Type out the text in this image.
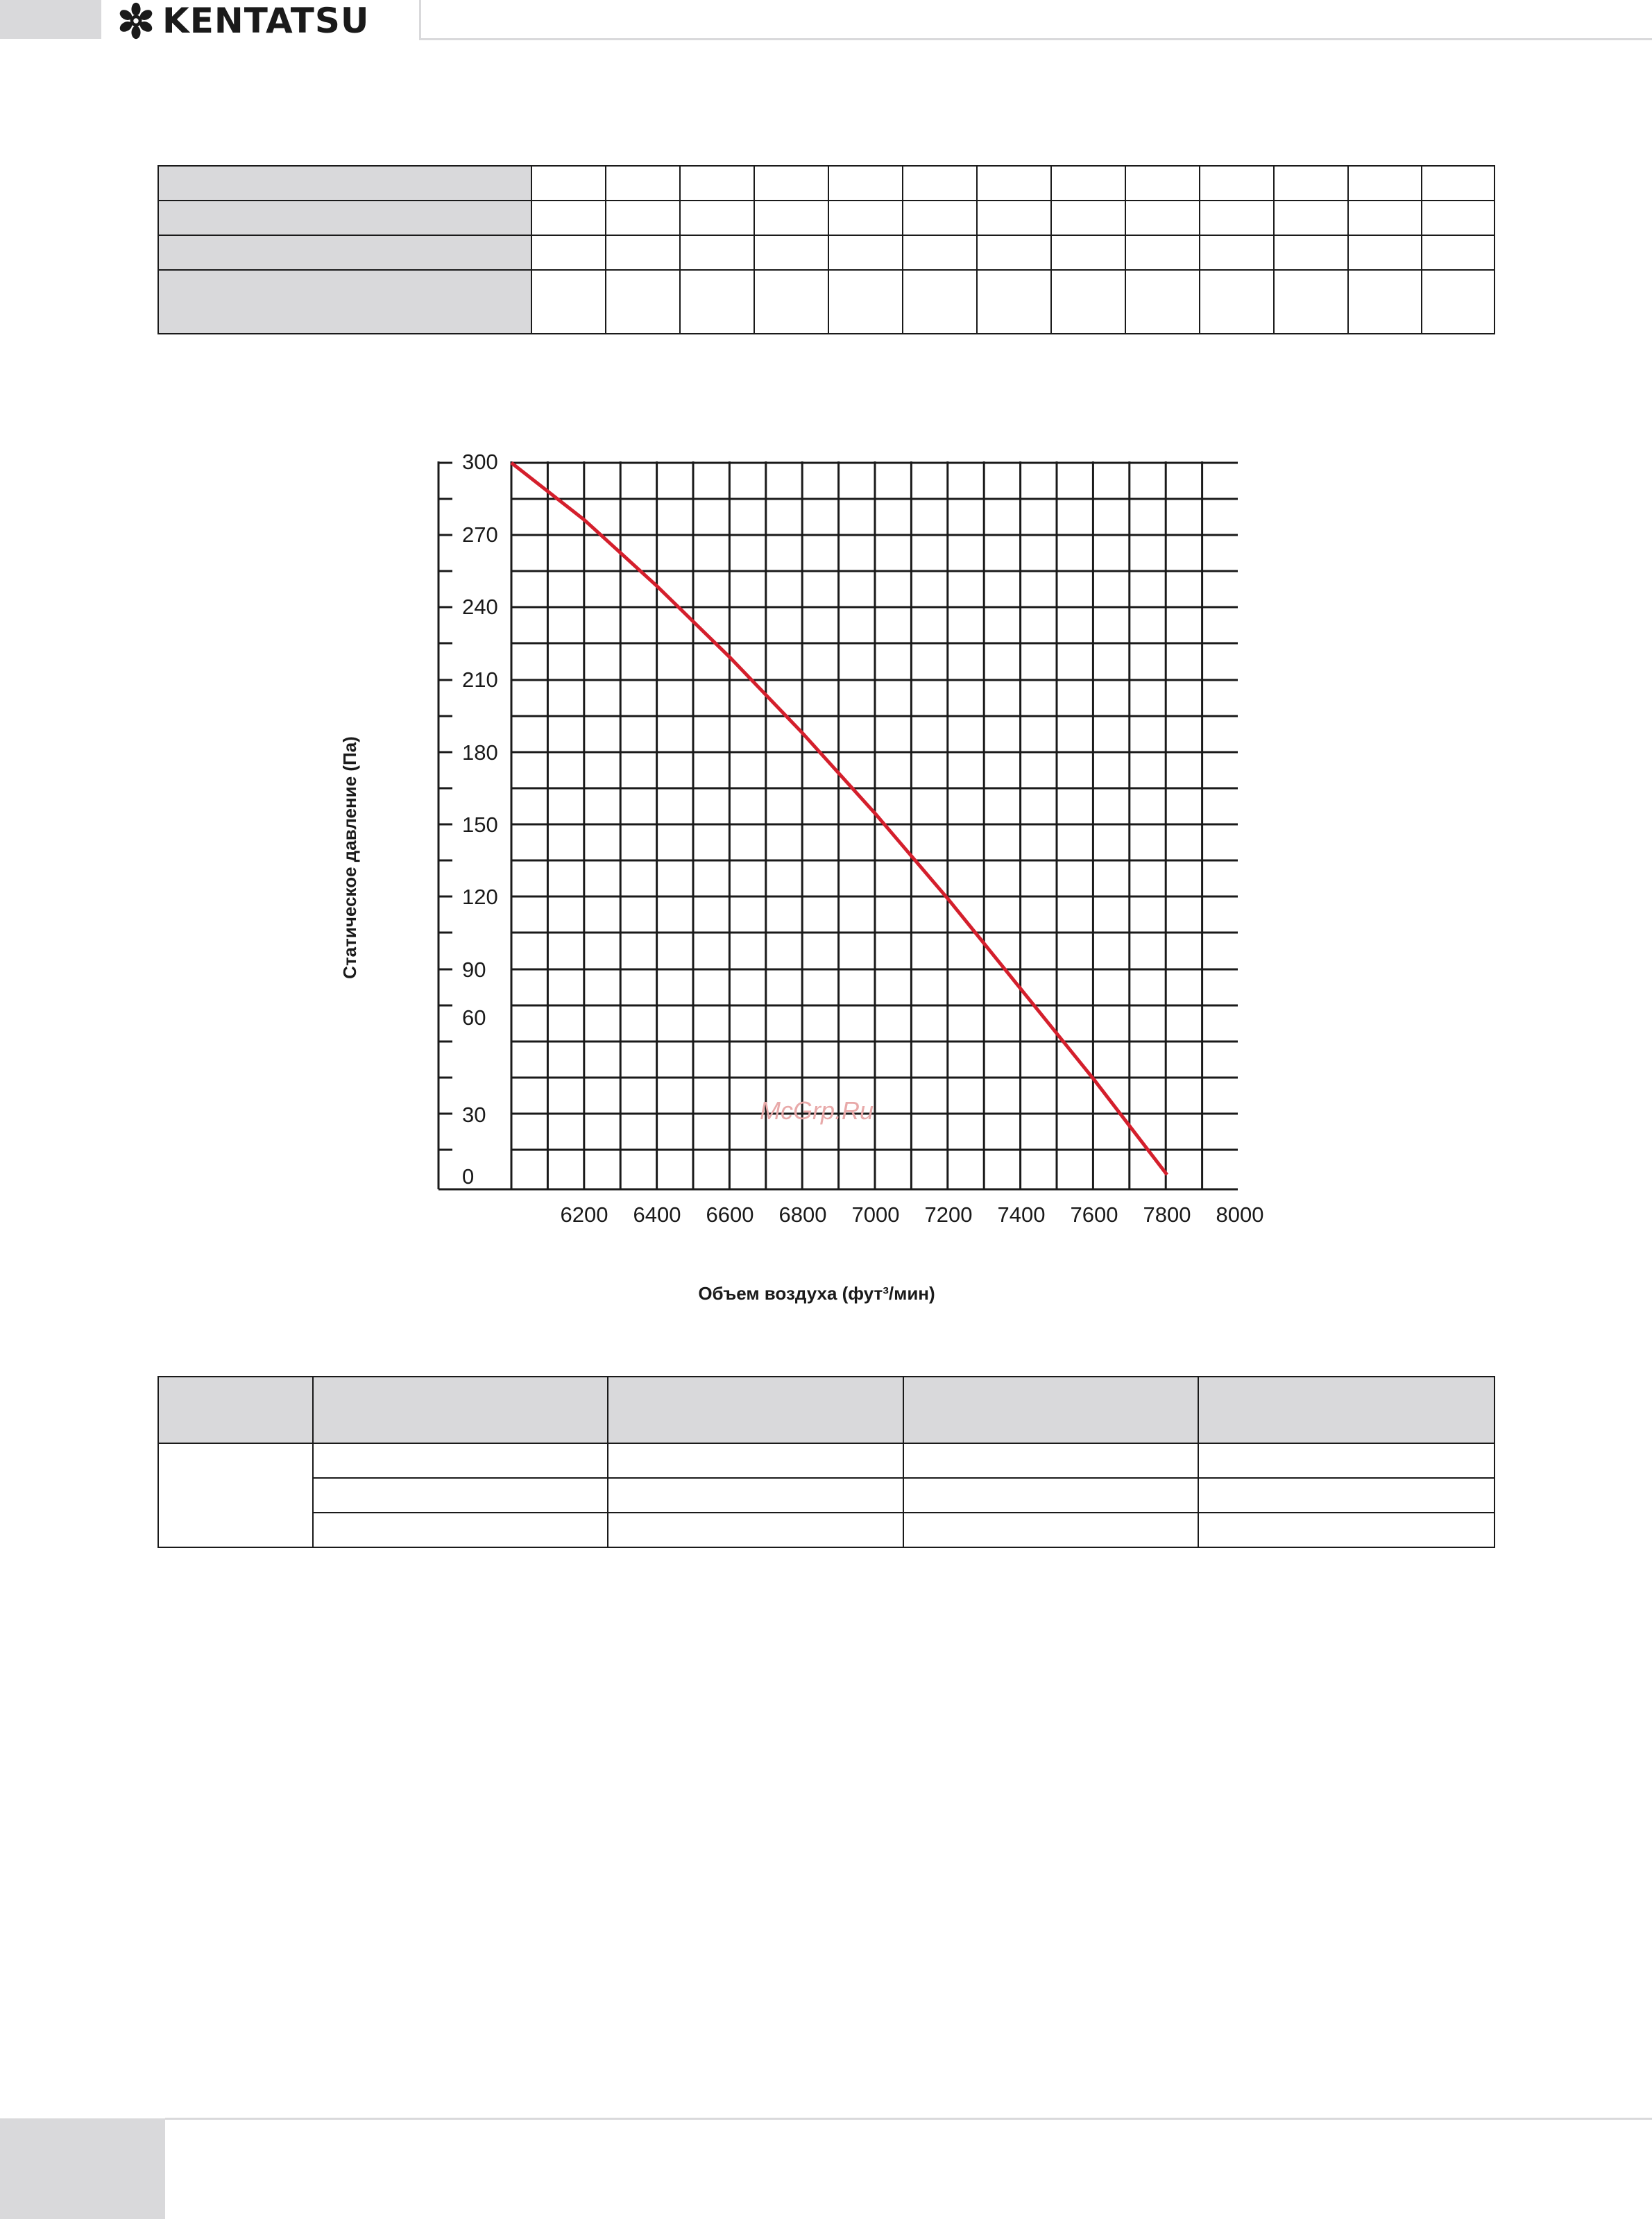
KENTATSU

300
270
240
210
180
150
120
90
60
30
0
6200 6400 6600 6800 7000 7200 7400 7600 7800 8000
Статическое давление (Па)
Объем воздуха (фут³/мин)
McGrp.Ru
